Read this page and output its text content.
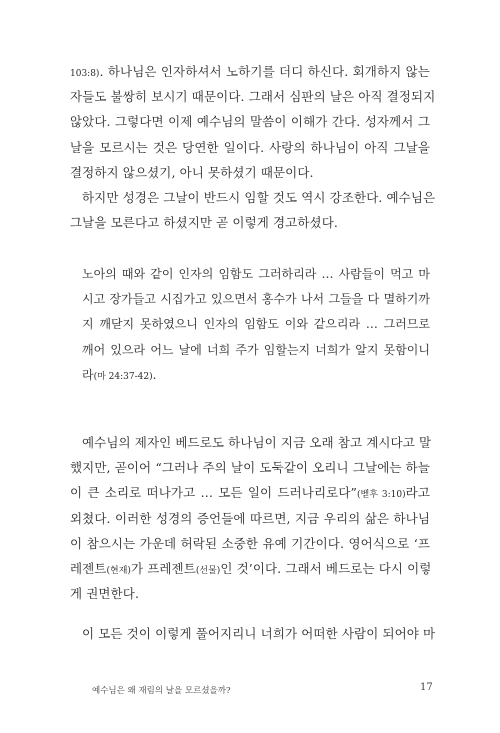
103:8). 하나님은 인자하셔서 노하기를 더디 하신다. 회개하지 않는
자들도 불쌍히 보시기 때문이다. 그래서 심판의 날은 아직 결정되지
않았다. 그렇다면 이제 예수님의 말씀이 이해가 간다. 성자께서 그
날을 모르시는 것은 당연한 일이다. 사랑의 하나님이 아직 그날을
결정하지 않으셨기, 아니 못하셨기 때문이다.
하지만 성경은 그날이 반드시 임할 것도 역시 강조한다. 예수님은
그날을 모른다고 하셨지만 곧 이렇게 경고하셨다.
노아의 때와 같이 인자의 임함도 그러하리라 … 사람들이 먹고 마
시고 장가들고 시집가고 있으면서 홍수가 나서 그들을 다 멸하기까
지 깨닫지 못하였으니 인자의 임함도 이와 같으리라 … 그러므로
깨어 있으라 어느 날에 너희 주가 임할는지 너희가 알지 못함이니
라(마 24:37-42).
예수님의 제자인 베드로도 하나님이 지금 오래 참고 계시다고 말
했지만, 곧이어 “그러나 주의 날이 도둑같이 오리니 그날에는 하늘
이 큰 소리로 떠나가고 … 모든 일이 드러나리로다”(벧후 3:10)라고
외쳤다. 이러한 성경의 증언들에 따르면, 지금 우리의 삶은 하나님
이 참으시는 가운데 허락된 소중한 유예 기간이다. 영어식으로 ‘프
레젠트(현재)가 프레젠트(선물)인 것’이다. 그래서 베드로는 다시 이렇
게 권면한다.
이 모든 것이 이렇게 풀어지리니 너희가 어떠한 사람이 되어야 마
예수님은 왜 재림의 날을 모르셨을까?	17
